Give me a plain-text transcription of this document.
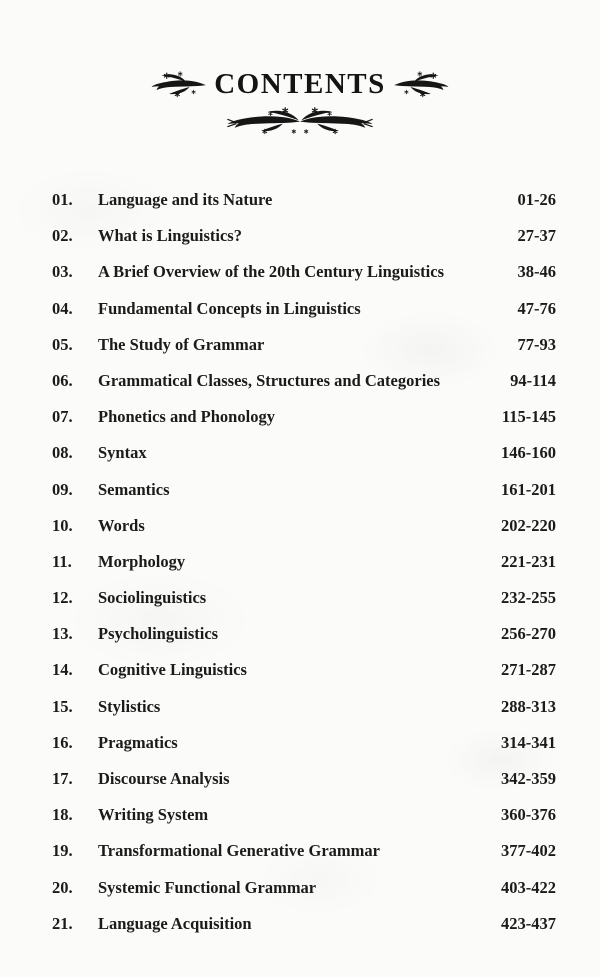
CONTENTS
01.	Language and its Nature	01-26
02.	What is Linguistics?	27-37
03.	A Brief Overview of the 20th Century Linguistics	38-46
04.	Fundamental Concepts in Linguistics	47-76
05.	The Study of Grammar	77-93
06.	Grammatical Classes, Structures and Categories	94-114
07.	Phonetics and Phonology	115-145
08.	Syntax	146-160
09.	Semantics	161-201
10.	Words	202-220
11.	Morphology	221-231
12.	Sociolinguistics	232-255
13.	Psycholinguistics	256-270
14.	Cognitive Linguistics	271-287
15.	Stylistics	288-313
16.	Pragmatics	314-341
17.	Discourse Analysis	342-359
18.	Writing System	360-376
19.	Transformational Generative Grammar	377-402
20.	Systemic Functional Grammar	403-422
21.	Language Acquisition	423-437
